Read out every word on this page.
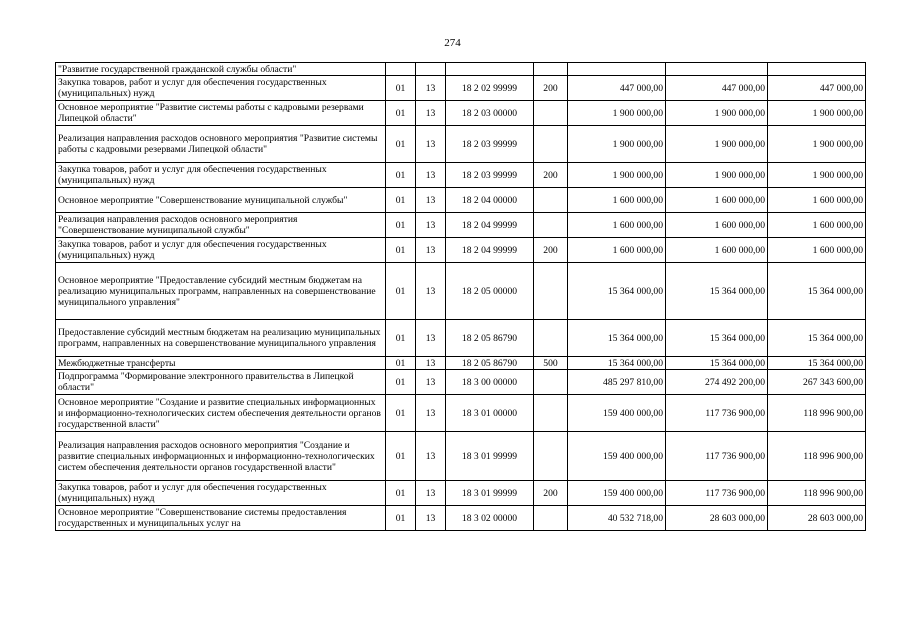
274
"Развитие государственной гражданской службы области"							
Закупка товаров, работ и услуг для обеспечения государственных (муниципальных) нужд	01	13	18 2 02 99999	200	447 000,00	447 000,00	447 000,00
Основное мероприятие "Развитие системы работы с кадровыми резервами Липецкой области"	01	13	18 2 03 00000		1 900 000,00	1 900 000,00	1 900 000,00
Реализация направления расходов основного мероприятия "Развитие системы работы с кадровыми резервами Липецкой области"	01	13	18 2 03 99999		1 900 000,00	1 900 000,00	1 900 000,00
Закупка товаров, работ и услуг для обеспечения государственных (муниципальных) нужд	01	13	18 2 03 99999	200	1 900 000,00	1 900 000,00	1 900 000,00
Основное мероприятие "Совершенствование муниципальной службы"	01	13	18 2 04 00000		1 600 000,00	1 600 000,00	1 600 000,00
Реализация направления расходов основного мероприятия "Совершенствование муниципальной службы"	01	13	18 2 04 99999		1 600 000,00	1 600 000,00	1 600 000,00
Закупка товаров, работ и услуг для обеспечения государственных (муниципальных) нужд	01	13	18 2 04 99999	200	1 600 000,00	1 600 000,00	1 600 000,00
Основное мероприятие "Предоставление субсидий местным бюджетам на реализацию муниципальных программ, направленных на совершенствование муниципального управления"	01	13	18 2 05 00000		15 364 000,00	15 364 000,00	15 364 000,00
Предоставление субсидий местным бюджетам на реализацию муниципальных программ, направленных на совершенствование муниципального управления	01	13	18 2 05 86790		15 364 000,00	15 364 000,00	15 364 000,00
Межбюджетные трансферты	01	13	18 2 05 86790	500	15 364 000,00	15 364 000,00	15 364 000,00
Подпрограмма "Формирование электронного правительства в Липецкой области"	01	13	18 3 00 00000		485 297 810,00	274 492 200,00	267 343 600,00
Основное мероприятие "Создание и развитие специальных информационных и информационно-технологических систем обеспечения деятельности органов государственной власти"	01	13	18 3 01 00000		159 400 000,00	117 736 900,00	118 996 900,00
Реализация направления расходов основного мероприятия "Создание и развитие специальных информационных и информационно-технологических систем обеспечения деятельности органов государственной власти"	01	13	18 3 01 99999		159 400 000,00	117 736 900,00	118 996 900,00
Закупка товаров, работ и услуг для обеспечения государственных (муниципальных) нужд	01	13	18 3 01 99999	200	159 400 000,00	117 736 900,00	118 996 900,00
Основное мероприятие "Совершенствование системы предоставления государственных и муниципальных услуг на	01	13	18 3 02 00000		40 532 718,00	28 603 000,00	28 603 000,00
